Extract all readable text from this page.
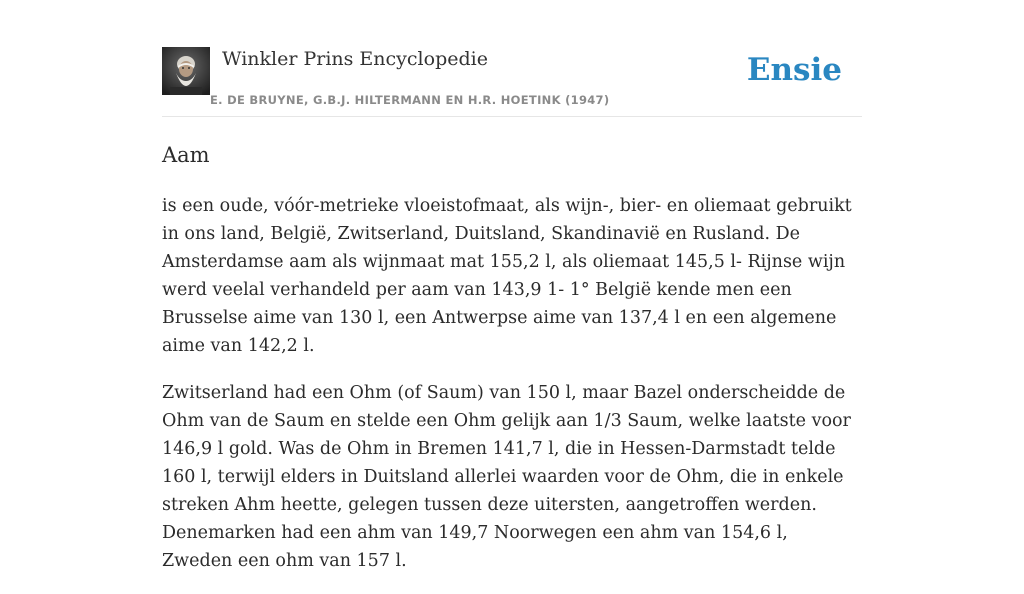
Winkler Prins Encyclopedie
E. DE BRUYNE, G.B.J. HILTERMANN EN H.R. HOETINK (1947)
Ensie
Aam

is een oude, vóór-metrieke vloeistofmaat, als wijn-, bier- en oliemaat gebruikt in ons land, België, Zwitserland, Duitsland, Skandinavië en Rusland. De Amsterdamse aam als wijnmaat mat 155,2 l, als oliemaat 145,5 l- Rijnse wijn werd veelal verhandeld per aam van 143,9 1- 1° België kende men een Brusselse aime van 130 l, een Antwerpse aime van 137,4 l en een algemene aime van 142,2 l.

Zwitserland had een Ohm (of Saum) van 150 l, maar Bazel onderscheidde de Ohm van de Saum en stelde een Ohm gelijk aan 1/3 Saum, welke laatste voor 146,9 l gold. Was de Ohm in Bremen 141,7 l, die in Hessen-Darmstadt telde 160 l, terwijl elders in Duitsland allerlei waarden voor de Ohm, die in enkele streken Ahm heette, gelegen tussen deze uitersten, aangetroffen werden. Denemarken had een ahm van 149,7 Noorwegen een ahm van 154,6 l, Zweden een ohm van 157 l.
